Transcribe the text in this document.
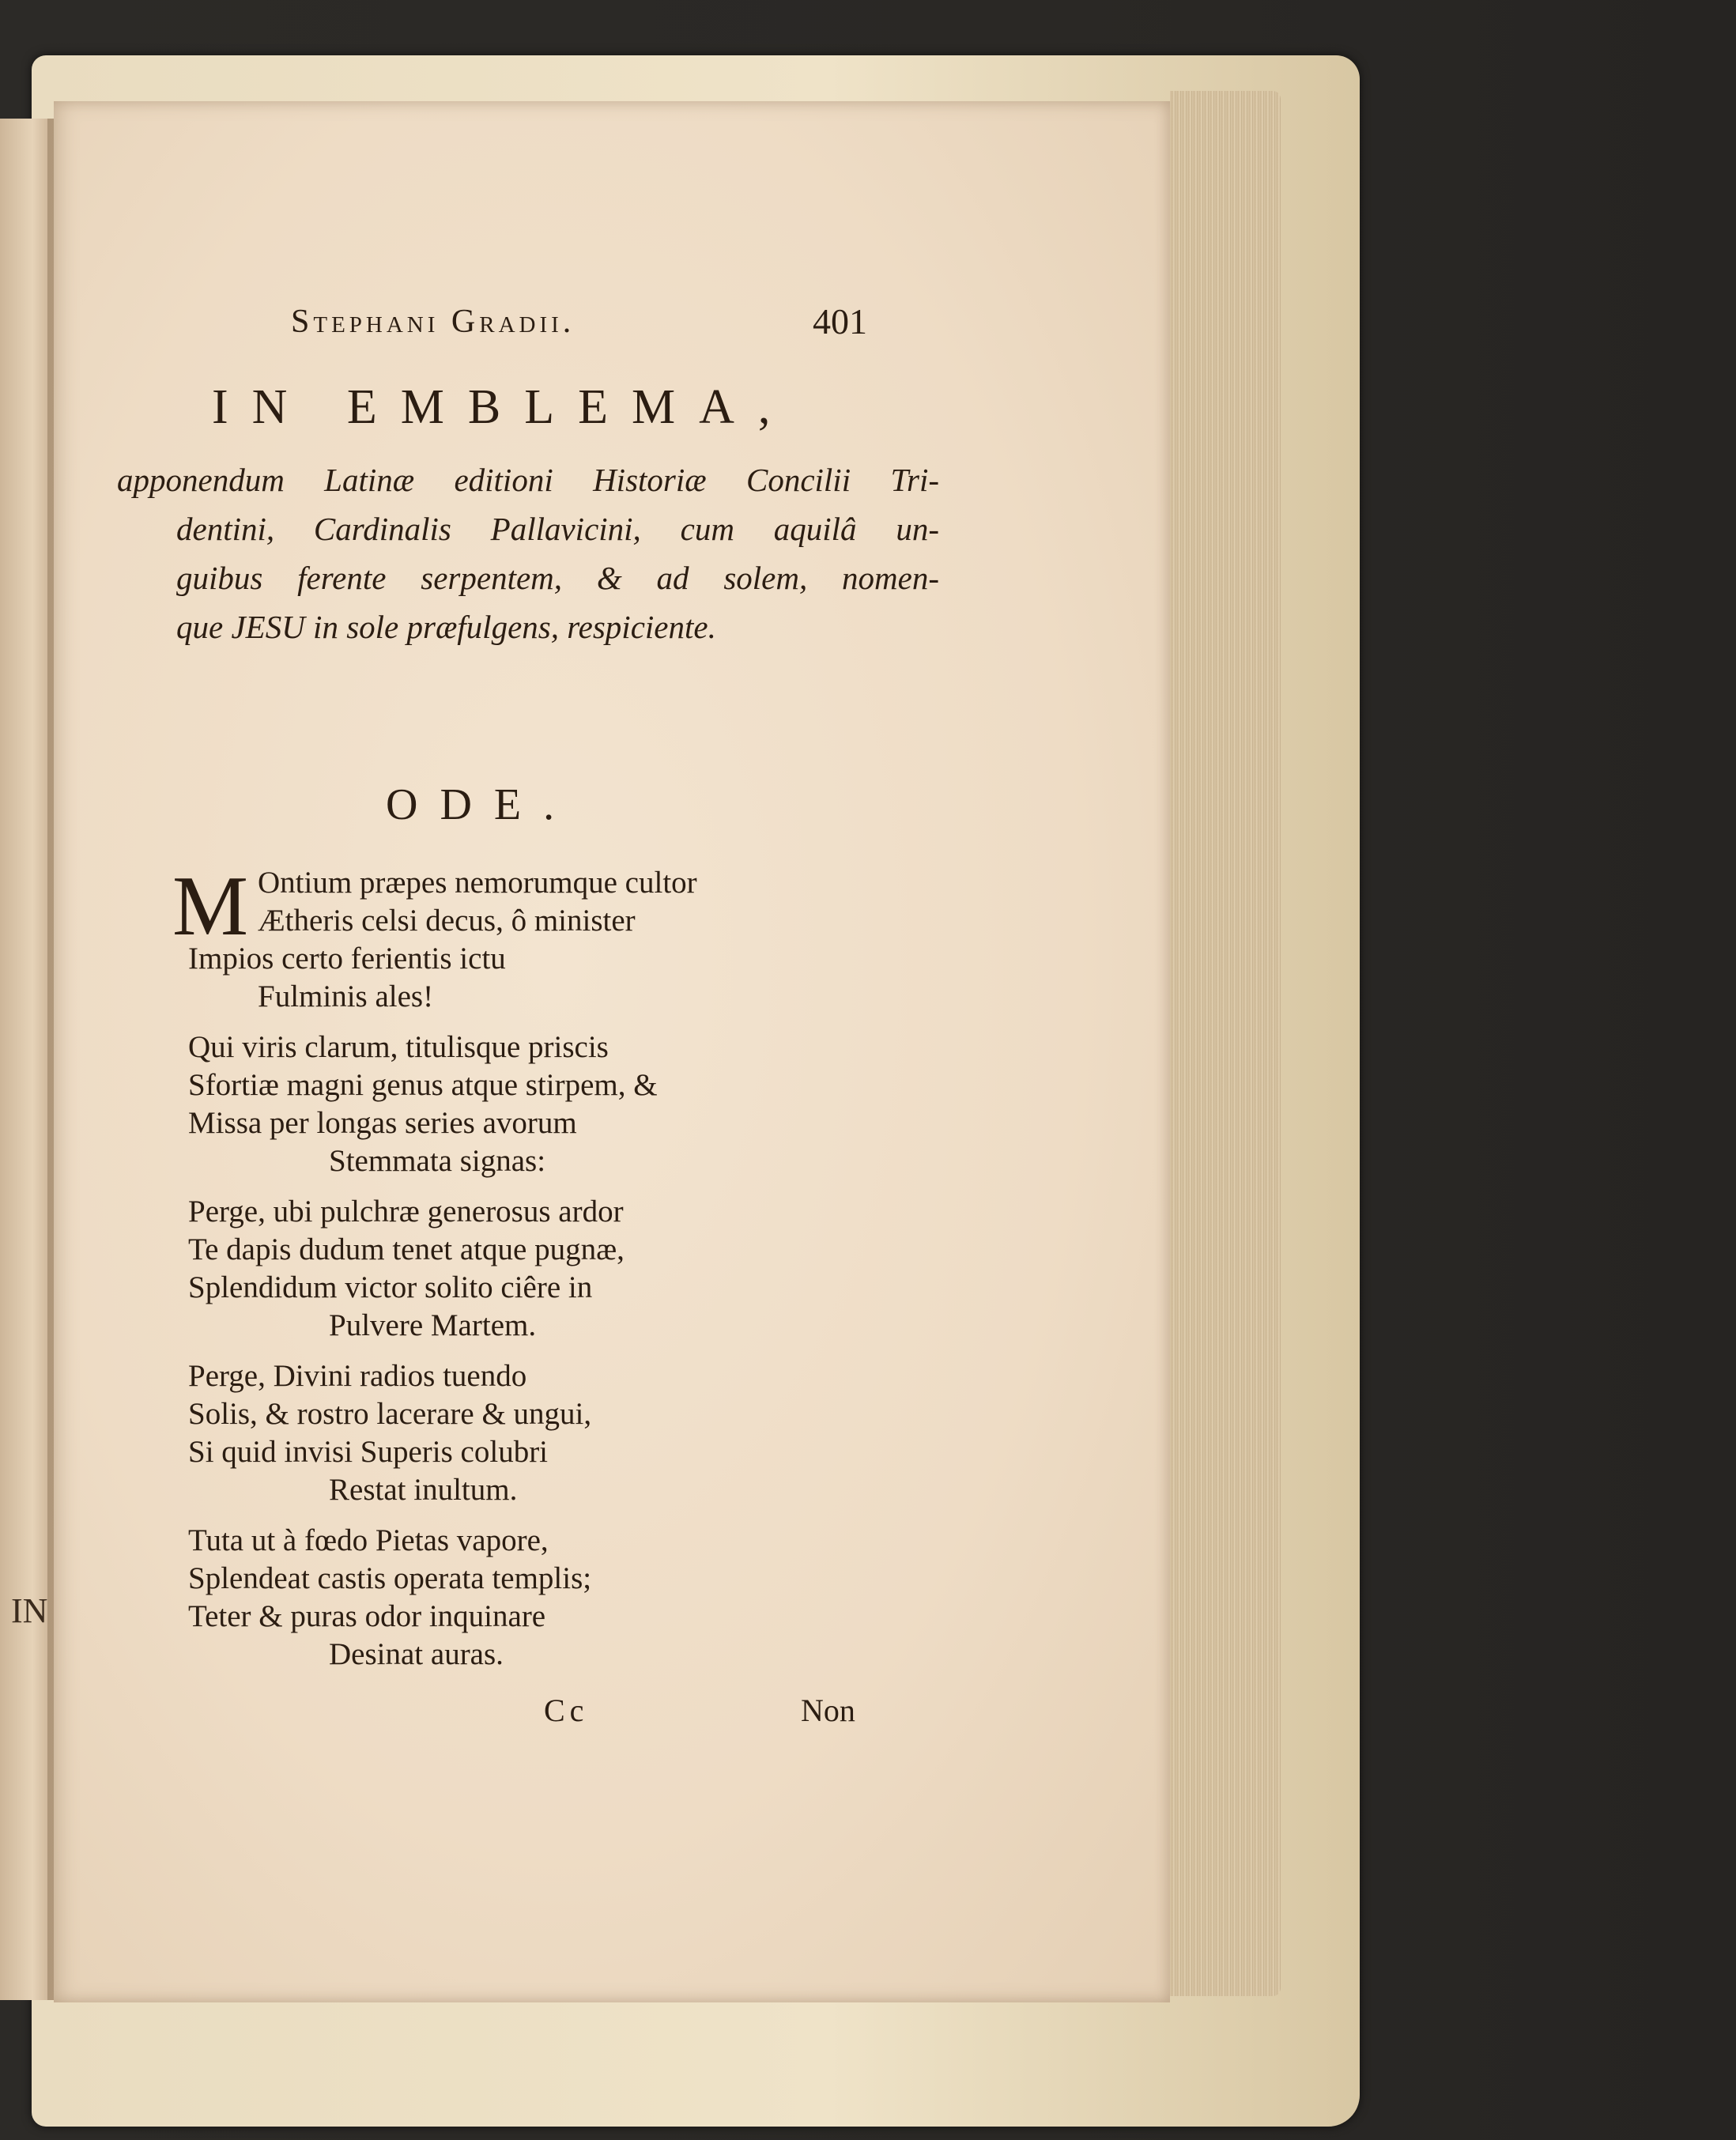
IN
Stephani Gradii.	401
IN EMBLEMA,
apponendum Latinæ editioni Historiæ Concilii Tri-
dentini, Cardinalis Pallavicini, cum aquilâ un-
guibus ferente serpentem, & ad solem, nomen-
que JESU in sole præfulgens, respiciente.
ODE.
M Ontium præpes nemorumque cultor
Ætheris celsi decus, ô minister
Impios certo ferientis ictu
Fulminis ales!
Qui viris clarum, titulisque priscis
Sfortiæ magni genus atque stirpem, &
Missa per longas series avorum
Stemmata signas:
Perge, ubi pulchræ generosus ardor
Te dapis dudum tenet atque pugnæ,
Splendidum victor solito ciêre in
Pulvere Martem.
Perge, Divini radios tuendo
Solis, & rostro lacerare & ungui,
Si quid invisi Superis colubri
Restat inultum.
Tuta ut à fœdo Pietas vapore,
Splendeat castis operata templis;
Teter & puras odor inquinare
Desinat auras.
Cc	Non
